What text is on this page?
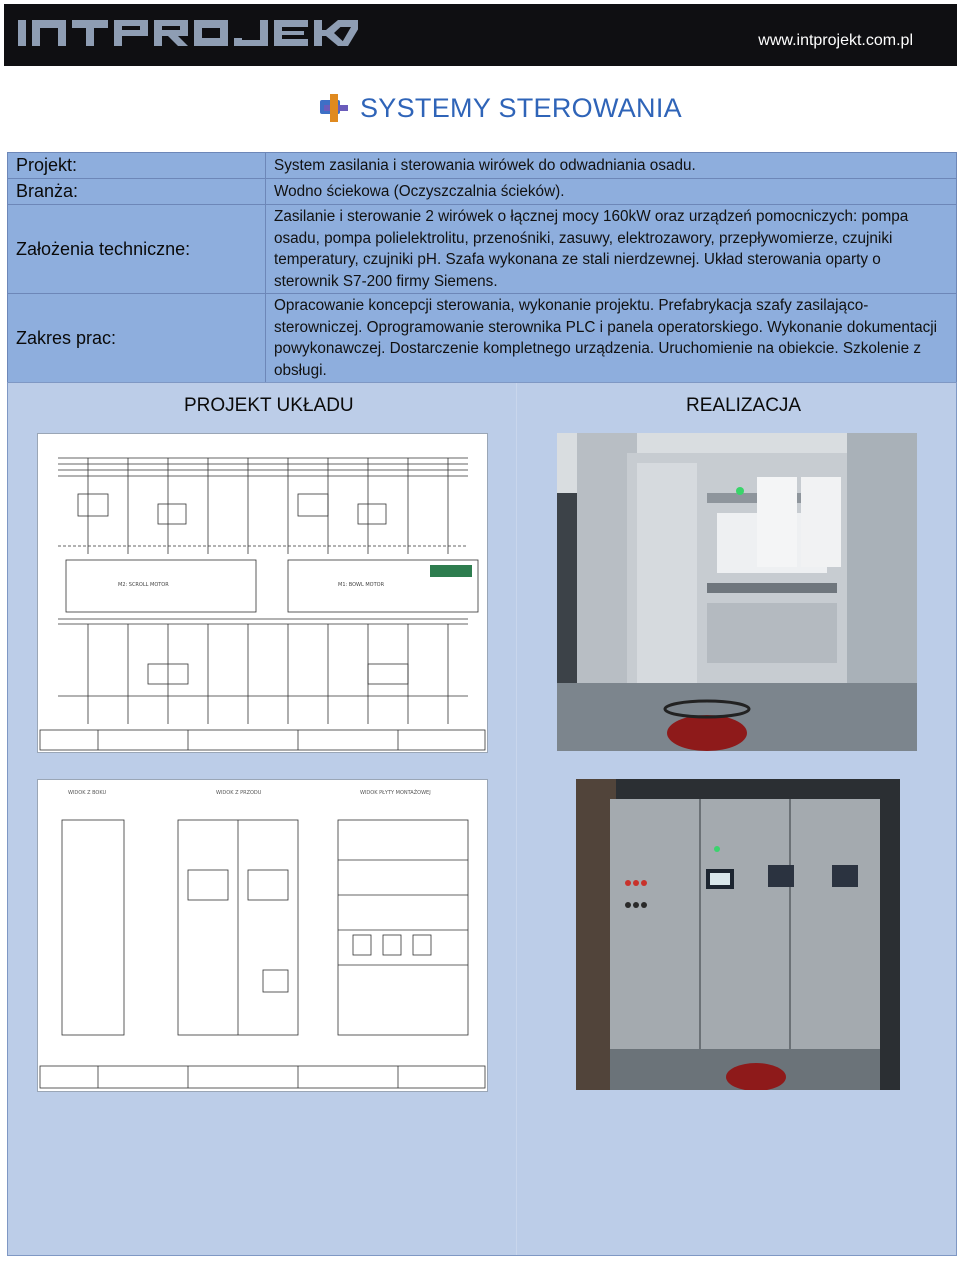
www.intprojekt.com.pl
SYSTEMY STEROWANIA
Projekt:	System zasilania i sterowania wirówek do odwadniania osadu.
Branża:	Wodno ściekowa (Oczyszczalnia ścieków).
Założenia techniczne:	Zasilanie i sterowanie 2 wirówek o łącznej mocy 160kW oraz urządzeń pomocniczych: pompa osadu, pompa polielektrolitu, przenośniki, zasuwy, elektrozawory, przepływomierze, czujniki temperatury, czujniki pH. Szafa wykonana ze stali nierdzewnej. Układ sterowania oparty o sterownik S7-200 firmy Siemens.
Zakres prac:	Opracowanie koncepcji sterowania, wykonanie projektu. Prefabrykacja szafy zasilająco-sterowniczej. Oprogramowanie sterownika PLC i panela operatorskiego. Wykonanie dokumentacji powykonawczej. Dostarczenie kompletnego urządzenia. Uruchomienie na obiekcie. Szkolenie z obsługi.
PROJEKT UKŁADU	REALIZACJA
M2: SCROLL MOTOR	M1: BOWL MOTOR
WIDOK Z BOKU	WIDOK Z PRZODU	WIDOK PŁYTY MONTAŻOWEJ
